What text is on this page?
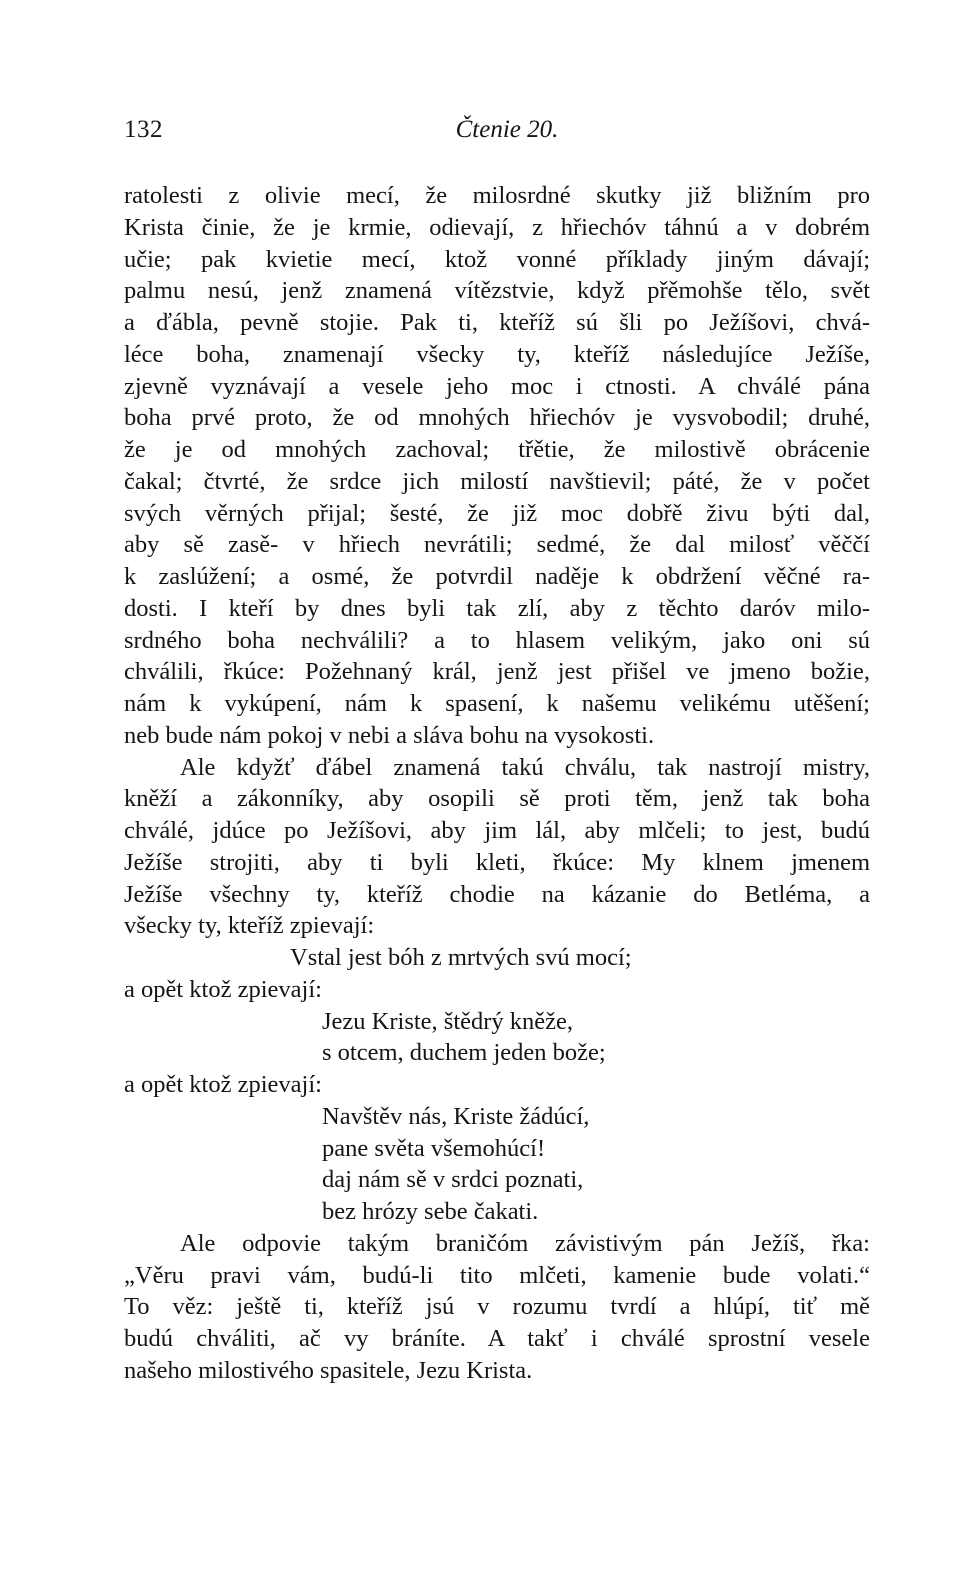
132	Čtenie 20.
ratolesti z olivie mecí, že milosrdné skutky již bližním pro
Krista činie, že je krmie, odievají, z hřiechóv táhnú a v dobrém
učie; pak kvietie mecí, ktož vonné příklady jiným dávají;
palmu nesú, jenž znamená vítězstvie, když přěmohše tělo, svět
a ďábla, pevně stojie. Pak ti, kteříž sú šli po Ježíšovi, chvá-
léce boha, znamenají všecky ty, kteříž následujíce Ježíše,
zjevně vyznávají a vesele jeho moc i ctnosti. A chválé pána
boha prvé proto, že od mnohých hřiechóv je vysvobodil; druhé,
že je od mnohých zachoval; třětie, že milostivě obrácenie
čakal; čtvrté, že srdce jich milostí navštievil; páté, že v počet
svých věrných přijal; šesté, že již moc dobřě živu býti dal,
aby sě zasě- v hřiech nevrátili; sedmé, že dal milosť věččí
k zaslúžení; a osmé, že potvrdil naděje k obdržení věčné ra-
dosti. I kteří by dnes byli tak zlí, aby z těchto daróv milo-
srdného boha nechválili? a to hlasem velikým, jako oni sú
chválili, řkúce: Požehnaný král, jenž jest přišel ve jmeno božie,
nám k vykúpení, nám k spasení, k našemu velikému utěšení;
neb bude nám pokoj v nebi a sláva bohu na vysokosti.
Ale kdyžť ďábel znamená takú chválu, tak nastrojí mistry,
kněží a zákonníky, aby osopili sě proti těm, jenž tak boha
chválé, jdúce po Ježíšovi, aby jim lál, aby mlčeli; to jest, budú
Ježíše strojiti, aby ti byli kleti, řkúce: My klnem jmenem
Ježíše všechny ty, kteříž chodie na kázanie do Betléma, a
všecky ty, kteříž zpievají:
Vstal jest bóh z mrtvých svú mocí;
a opět ktož zpievají:
Jezu Kriste, štědrý kněže,
s otcem, duchem jeden bože;
a opět ktož zpievají:
Navštěv nás, Kriste žádúcí,
pane světa všemohúcí!
daj nám sě v srdci poznati,
bez hrózy sebe čakati.
Ale odpovie takým braničóm závistivým pán Ježíš, řka:
„Věru pravi vám, budú-li tito mlčeti, kamenie bude volati.“
To věz: ještě ti, kteříž jsú v rozumu tvrdí a hlúpí, tiť mě
budú chváliti, ač vy bráníte. A takť i chválé sprostní vesele
našeho milostivého spasitele, Jezu Krista.
